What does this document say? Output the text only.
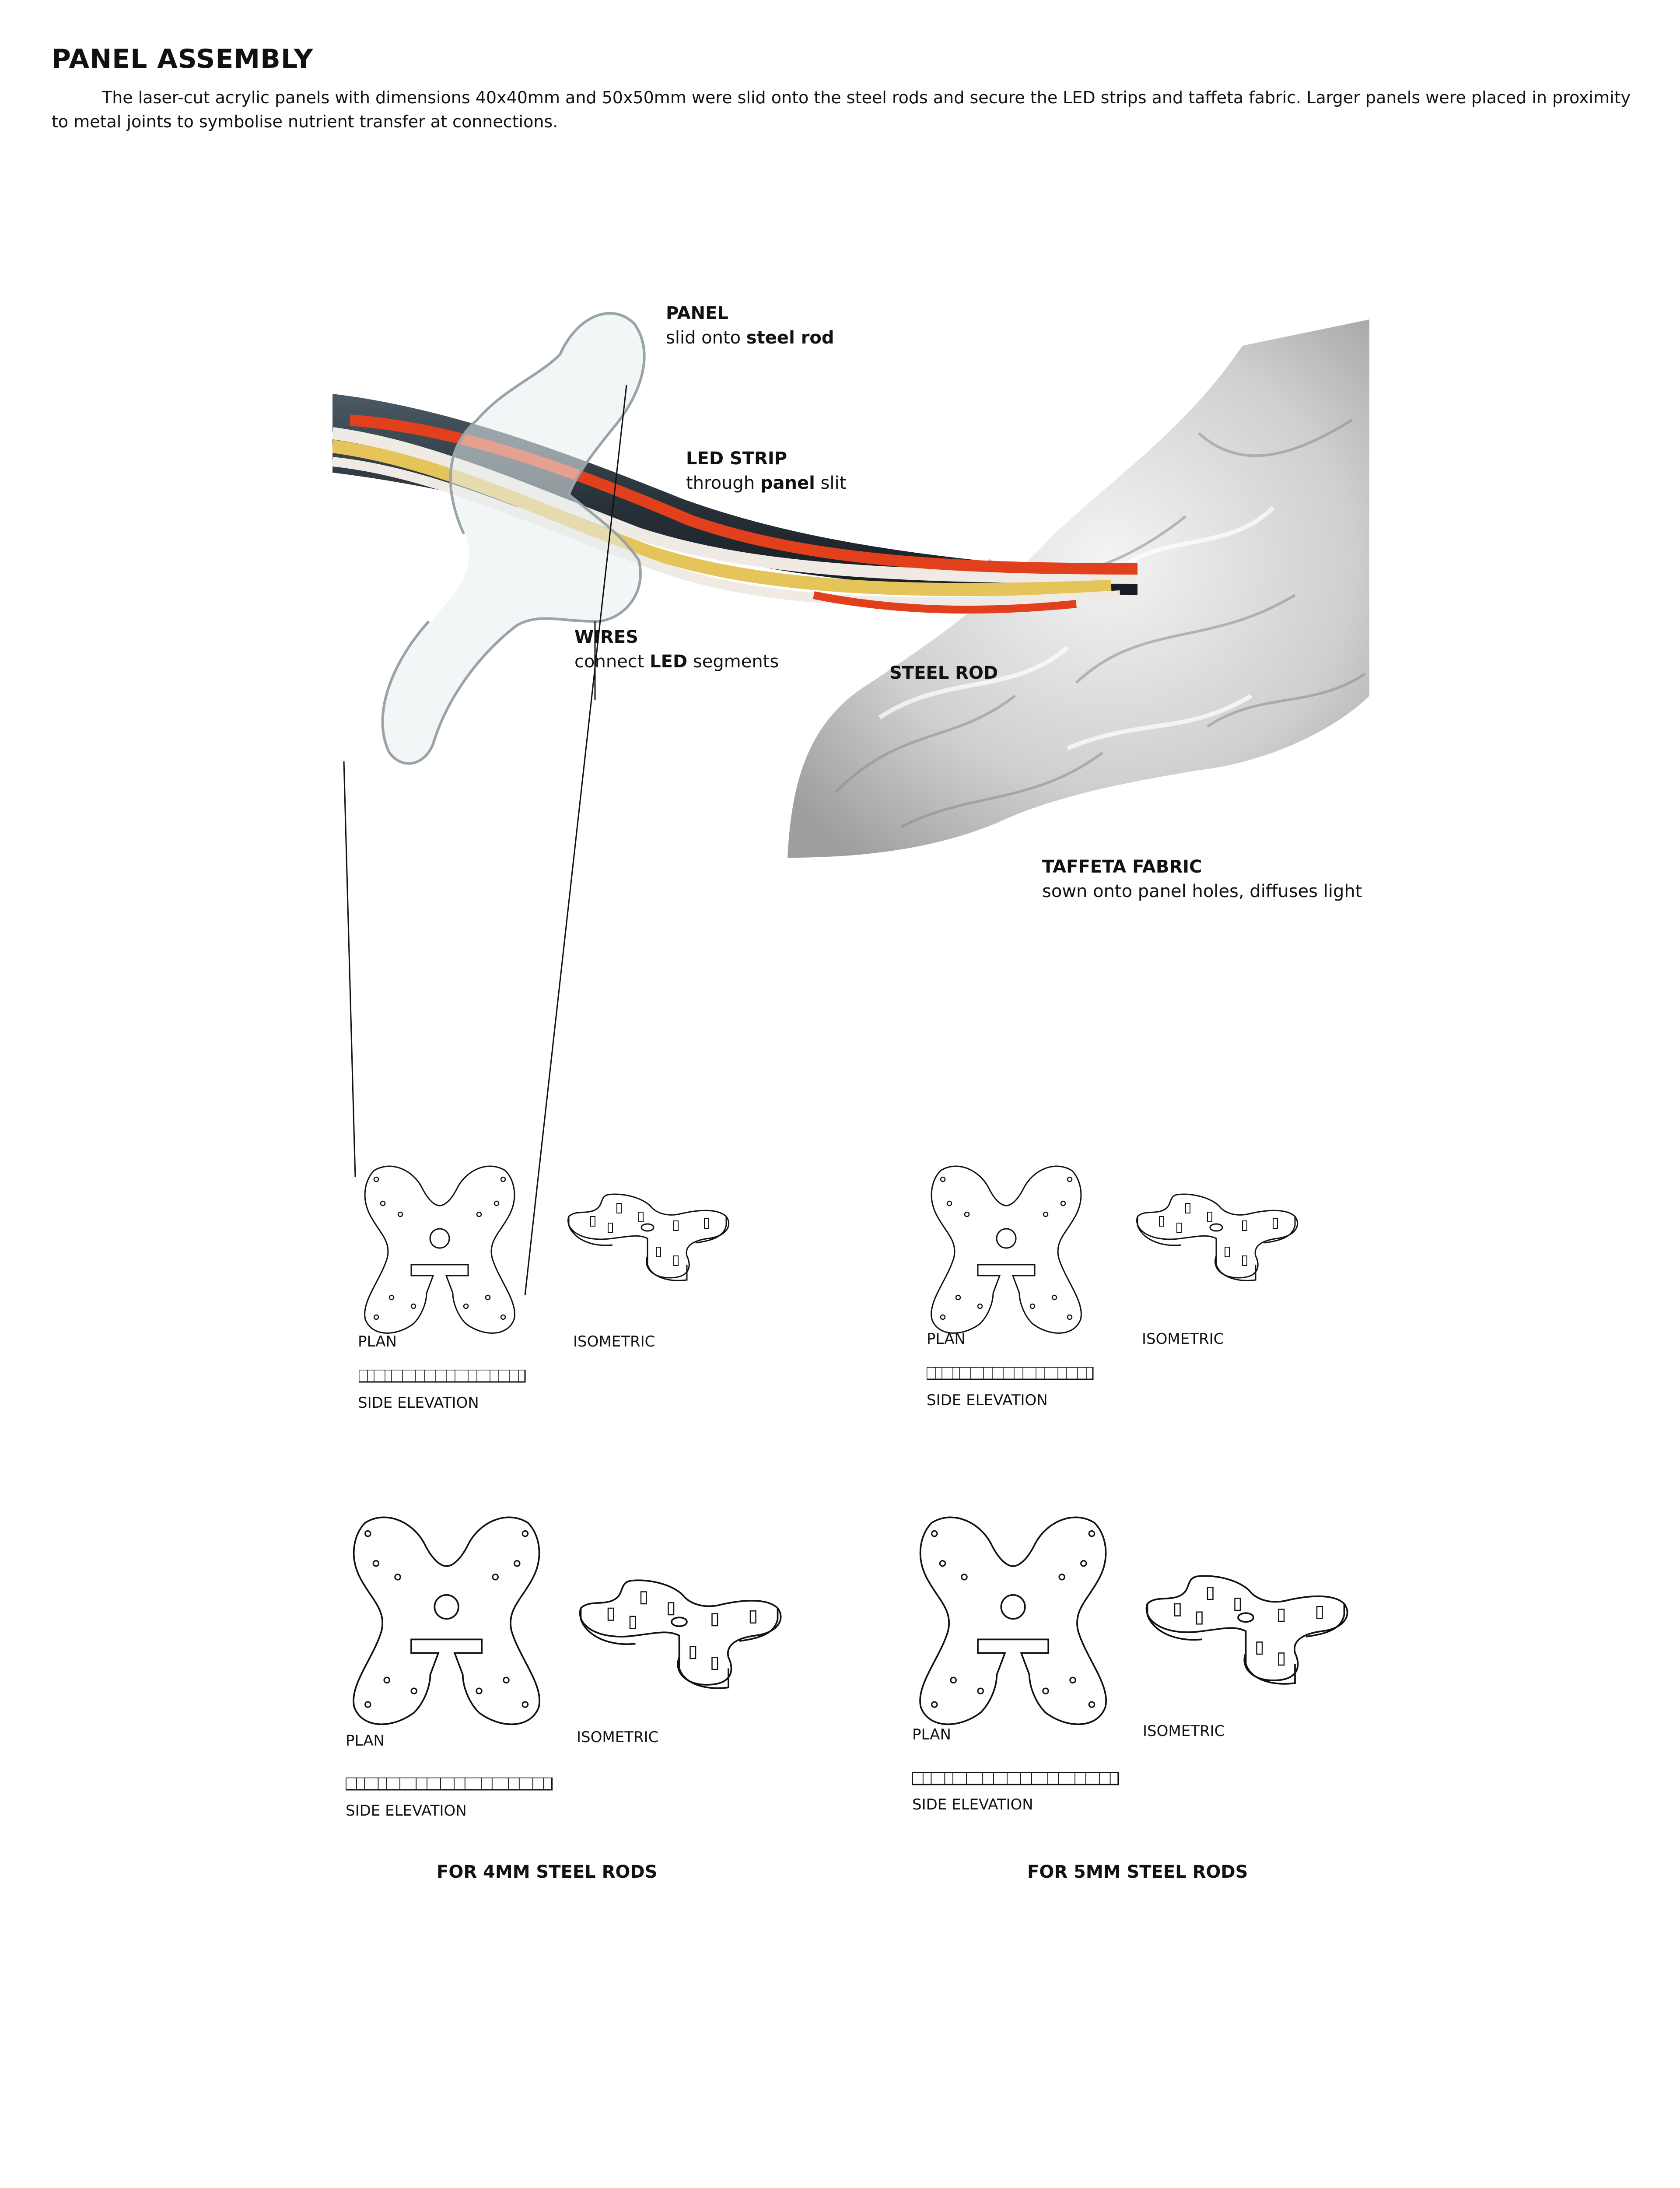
PANEL ASSEMBLY

The laser-cut acrylic panels with dimensions 40x40mm and 50x50mm were slid onto the steel rods and secure the LED strips and taffeta fabric. Larger panels were placed in proximity to metal joints to symbolise nutrient transfer at connections.

PANEL
slid onto steel rod
LED STRIP
through panel slit
WIRES
connect LED segments
STEEL ROD
TAFFETA FABRIC
sown onto panel holes, diffuses light
PLAN	ISOMETRIC
SIDE ELEVATION
PLAN	ISOMETRIC
SIDE ELEVATION
PLAN	ISOMETRIC
SIDE ELEVATION
PLAN	ISOMETRIC
SIDE ELEVATION
FOR 4MM STEEL RODS	FOR 5MM STEEL RODS
